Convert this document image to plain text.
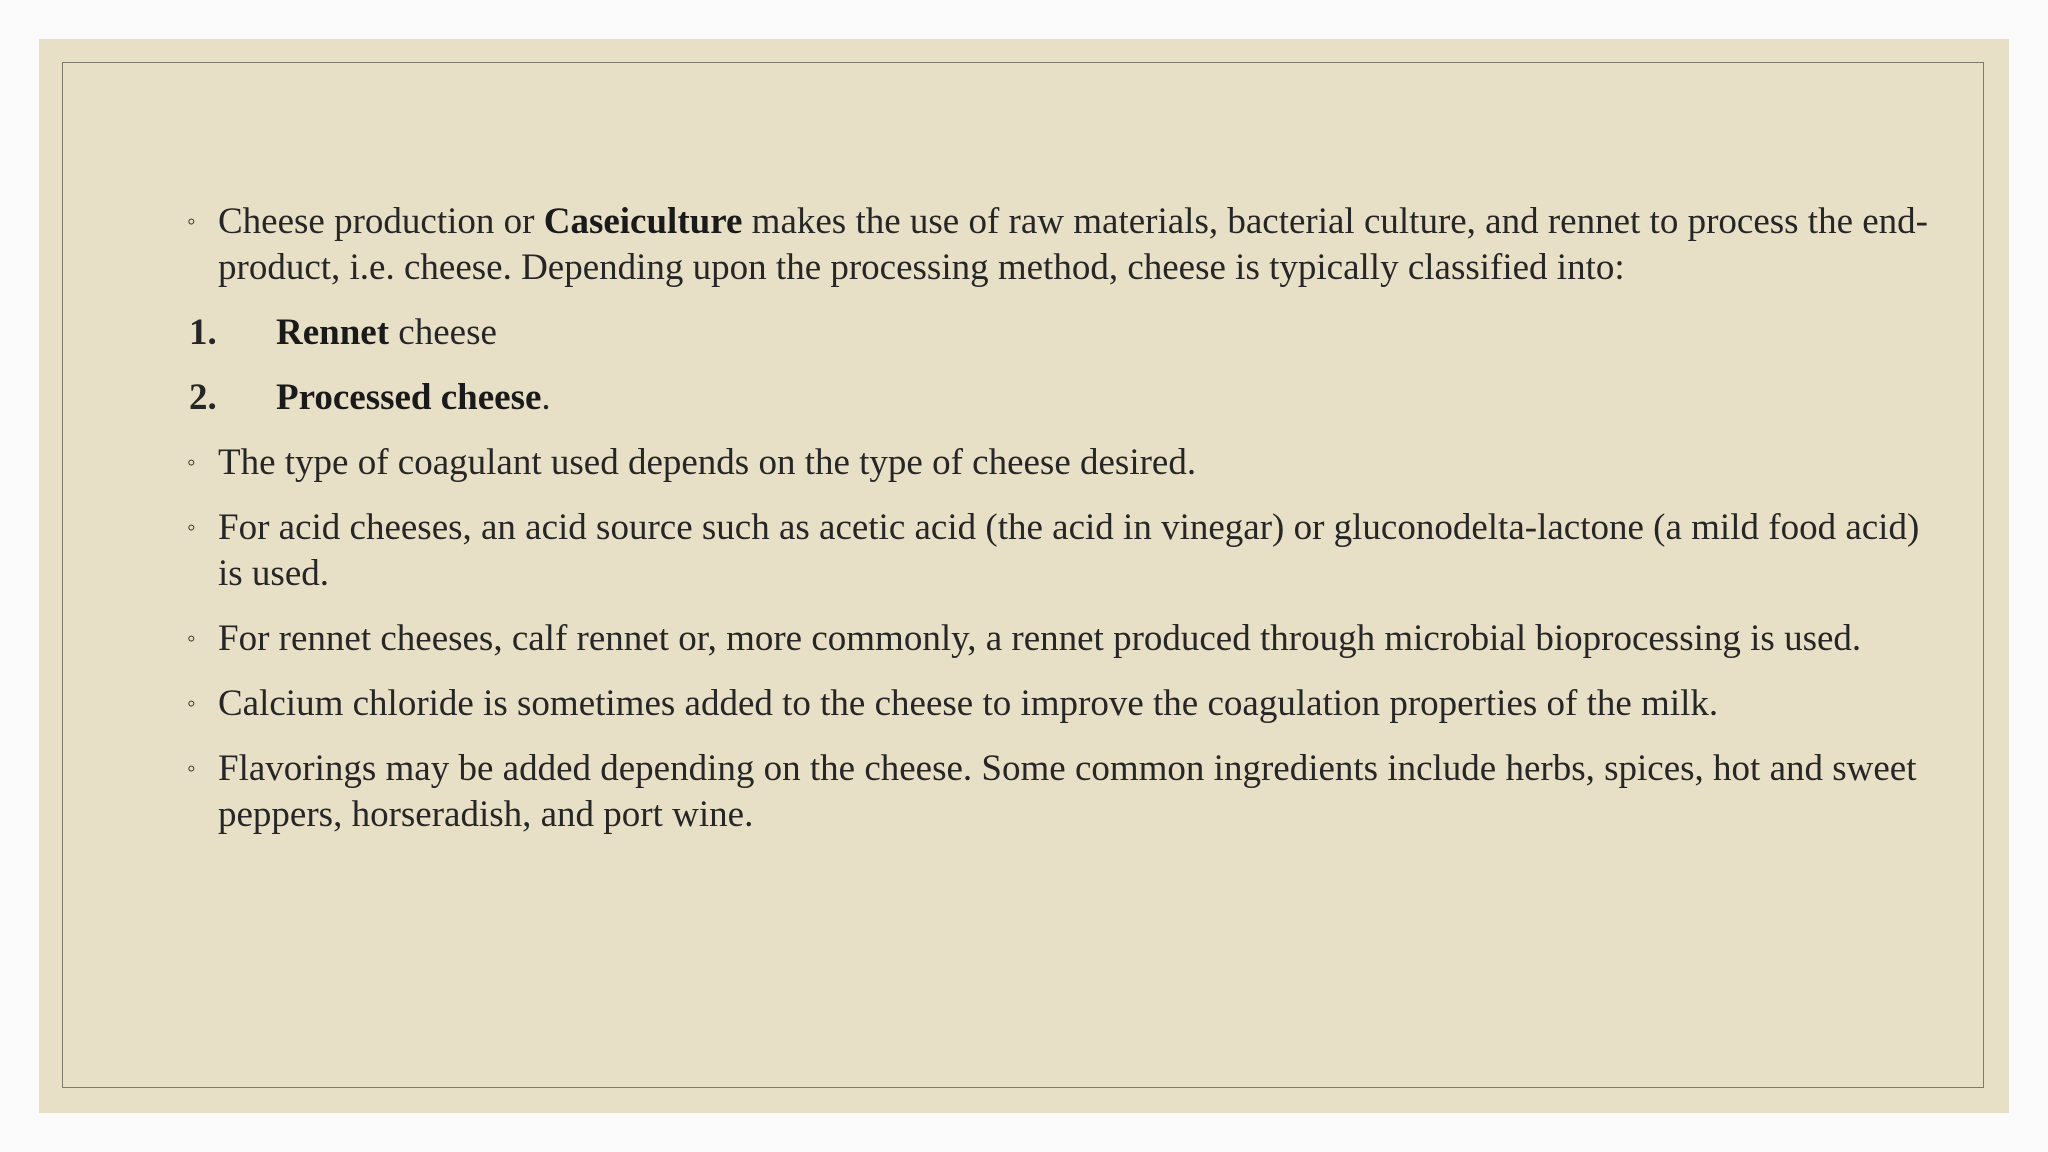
◦ Cheese production or Caseiculture makes the use of raw materials, bacterial culture, and rennet to process the end-product, i.e. cheese. Depending upon the processing method, cheese is typically classified into:
1. Rennet cheese
2. Processed cheese.
◦ The type of coagulant used depends on the type of cheese desired.
◦ For acid cheeses, an acid source such as acetic acid (the acid in vinegar) or gluconodelta-lactone (a mild food acid) is used.
◦ For rennet cheeses, calf rennet or, more commonly, a rennet produced through microbial bioprocessing is used.
◦ Calcium chloride is sometimes added to the cheese to improve the coagulation properties of the milk.
◦ Flavorings may be added depending on the cheese. Some common ingredients include herbs, spices, hot and sweet peppers, horseradish, and port wine.
